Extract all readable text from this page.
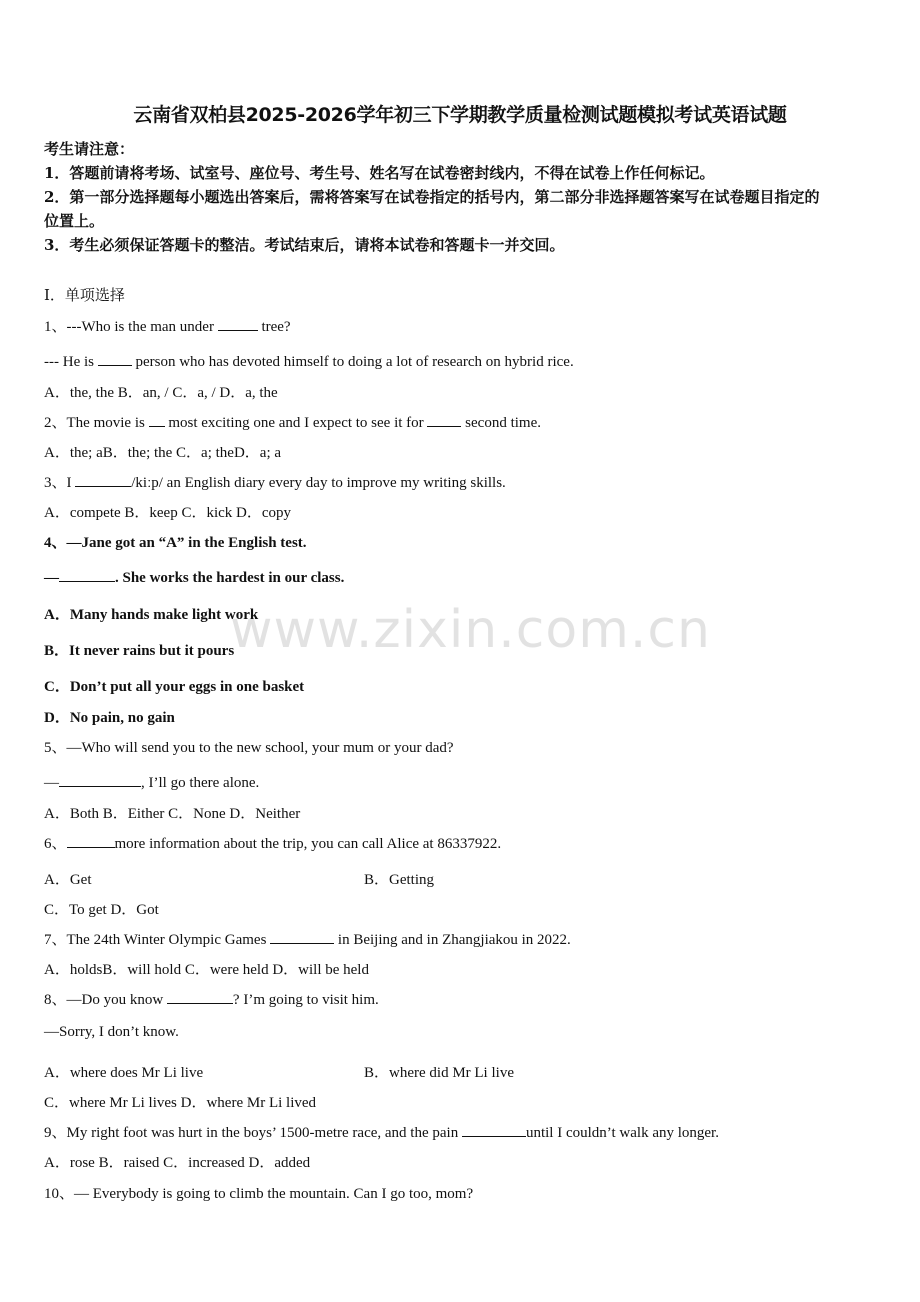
云南省双柏县2025-2026学年初三下学期教学质量检测试题模拟考试英语试题
考生请注意：
1．答题前请将考场、试室号、座位号、考生号、姓名写在试卷密封线内，不得在试卷上作任何标记。
2．第一部分选择题每小题选出答案后，需将答案写在试卷指定的括号内，第二部分非选择题答案写在试卷题目指定的
位置上。
3．考生必须保证答题卡的整洁。考试结束后，请将本试卷和答题卡一并交回。
Ⅰ．单项选择
www.zixin.com.cn
1、---Who is the man under	tree?
--- He is	person who has devoted himself to doing a lot of research on hybrid rice.
A．the, the B．an, / C．a, / D．a, the
2、The movie is most exciting one and I expect to see it for	second time.
A．the; aB．the; the C．a; theD．a; a
3、I	/kiːp/ an English diary every day to improve my writing skills.
A．compete B．keep C．kick D．copy
4、—Jane got an “A” in the English test.
—	. She works the hardest in our class.
A．Many hands make light work
B．It never rains but it pours
C．Don’t put all your eggs in one basket
D．No pain, no gain
5、—Who will send you to the new school, your mum or your dad?
—	, I’ll go there alone.
A．Both B．Either C．None D．Neither
6、	more information about the trip, you can call Alice at 86337922.
A．Get	B．Getting
C．To get D．Got
7、The 24th Winter Olympic Games	in Beijing and in Zhangjiakou in 2022.
A．holdsB．will hold C．were held D．will be held
8、—Do you know	? I’m going to visit him.
—Sorry, I don’t know.
A．where does Mr Li live	B．where did Mr Li live
C．where Mr Li lives D．where Mr Li lived
9、My right foot was hurt in the boys’ 1500-metre race, and the pain	until I couldn’t walk any longer.
A．rose B．raised C．increased D．added
10、— Everybody is going to climb the mountain. Can I go too, mom?
